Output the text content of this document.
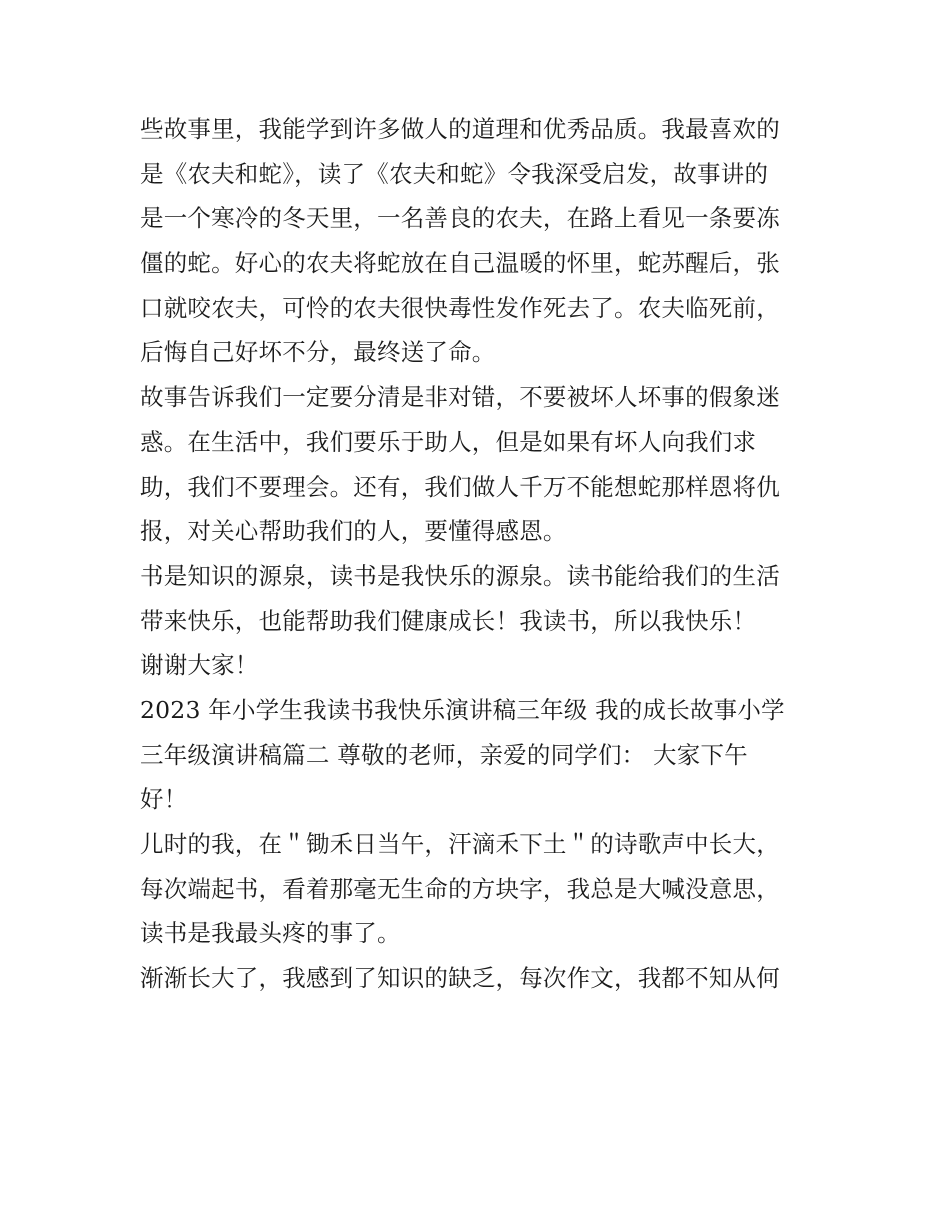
些故事里，我能学到许多做人的道理和优秀品质。我最喜欢的
是《农夫和蛇》，读了《农夫和蛇》令我深受启发，故事讲的
是一个寒冷的冬天里，一名善良的农夫，在路上看见一条要冻
僵的蛇。好心的农夫将蛇放在自己温暖的怀里，蛇苏醒后，张
口就咬农夫，可怜的农夫很快毒性发作死去了。农夫临死前，
后悔自己好坏不分，最终送了命。
故事告诉我们一定要分清是非对错，不要被坏人坏事的假象迷
惑。在生活中，我们要乐于助人，但是如果有坏人向我们求
助，我们不要理会。还有，我们做人千万不能想蛇那样恩将仇
报，对关心帮助我们的人，要懂得感恩。
书是知识的源泉，读书是我快乐的源泉。读书能给我们的生活
带来快乐，也能帮助我们健康成长！我读书，所以我快乐！
谢谢大家！
2023 年小学生我读书我快乐演讲稿三年级 我的成长故事小学
三年级演讲稿篇二 尊敬的老师，亲爱的同学们： 大家下午
好！
儿时的我，在＂锄禾日当午，汗滴禾下土＂的诗歌声中长大，
每次端起书，看着那毫无生命的方块字，我总是大喊没意思，
读书是我最头疼的事了。
渐渐长大了，我感到了知识的缺乏，每次作文，我都不知从何
